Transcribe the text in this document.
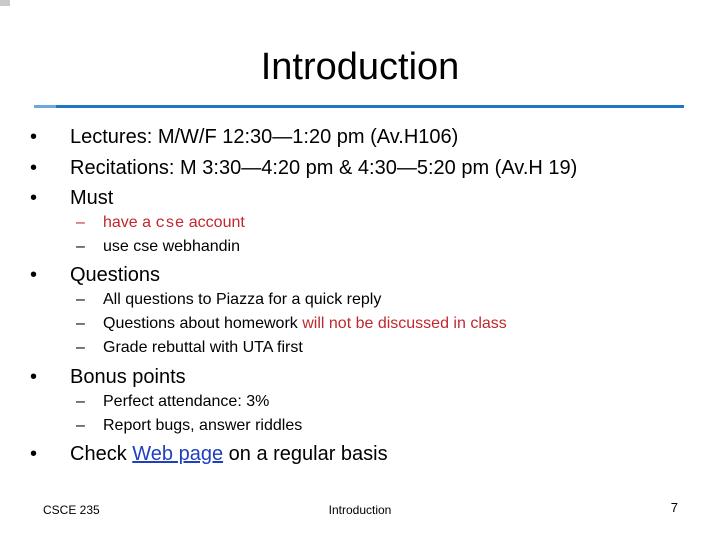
Introduction
• Lectures: M/W/F 12:30—1:20 pm (Av.H106)
• Recitations: M 3:30—4:20 pm & 4:30—5:20 pm (Av.H 19)
• Must
– have a cse account
– use cse webhandin
• Questions
– All questions to Piazza for a quick reply
– Questions about homework will not be discussed in class
– Grade rebuttal with UTA first
• Bonus points
– Perfect attendance: 3%
– Report bugs, answer riddles
• Check Web page on a regular basis
CSCE 235	Introduction	7
